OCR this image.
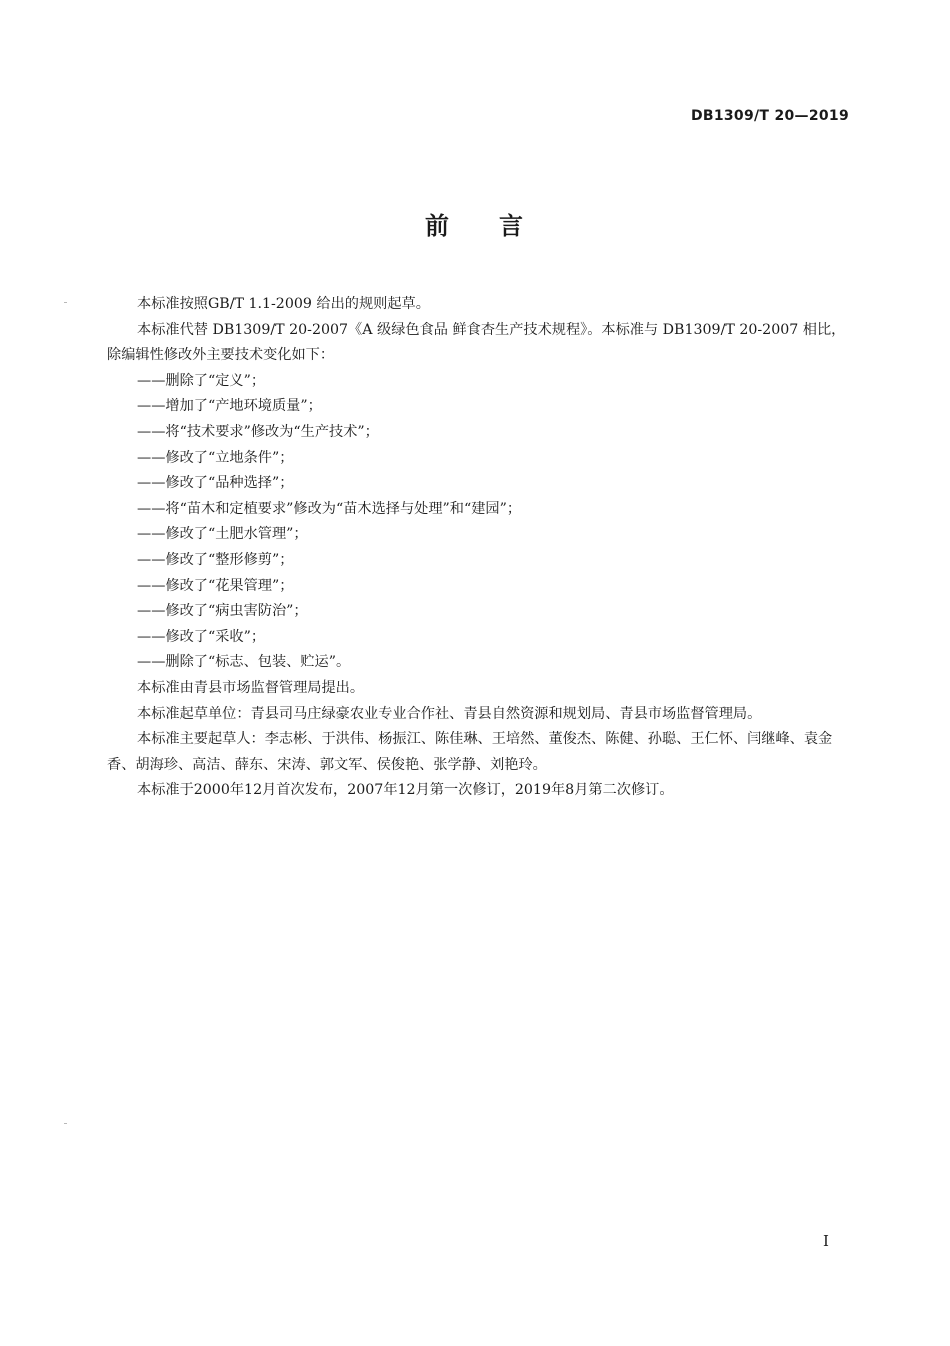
DB1309/T 20—2019
前 言

本标准按照GB/T 1.1-2009 给出的规则起草。

本标准代替 DB1309/T 20-2007《A 级绿色食品 鲜食杏生产技术规程》。本标准与 DB1309/T 20-2007 相比，除编辑性修改外主要技术变化如下：

——删除了“定义”；

——增加了“产地环境质量”；

——将“技术要求”修改为“生产技术”；

——修改了“立地条件”；

——修改了“品种选择”；

——将“苗木和定植要求”修改为“苗木选择与处理”和“建园”；

——修改了“土肥水管理”；

——修改了“整形修剪”；

——修改了“花果管理”；

——修改了“病虫害防治”；

——修改了“采收”；

——删除了“标志、包装、贮运”。

本标准由青县市场监督管理局提出。

本标准起草单位：青县司马庄绿豪农业专业合作社、青县自然资源和规划局、青县市场监督管理局。

本标准主要起草人：李志彬、于洪伟、杨振江、陈佳琳、王培然、董俊杰、陈健、孙聪、王仁怀、闫继峰、袁金香、胡海珍、高洁、薛东、宋涛、郭文军、侯俊艳、张学静、刘艳玲。

本标准于2000年12月首次发布，2007年12月第一次修订，2019年8月第二次修订。

I
